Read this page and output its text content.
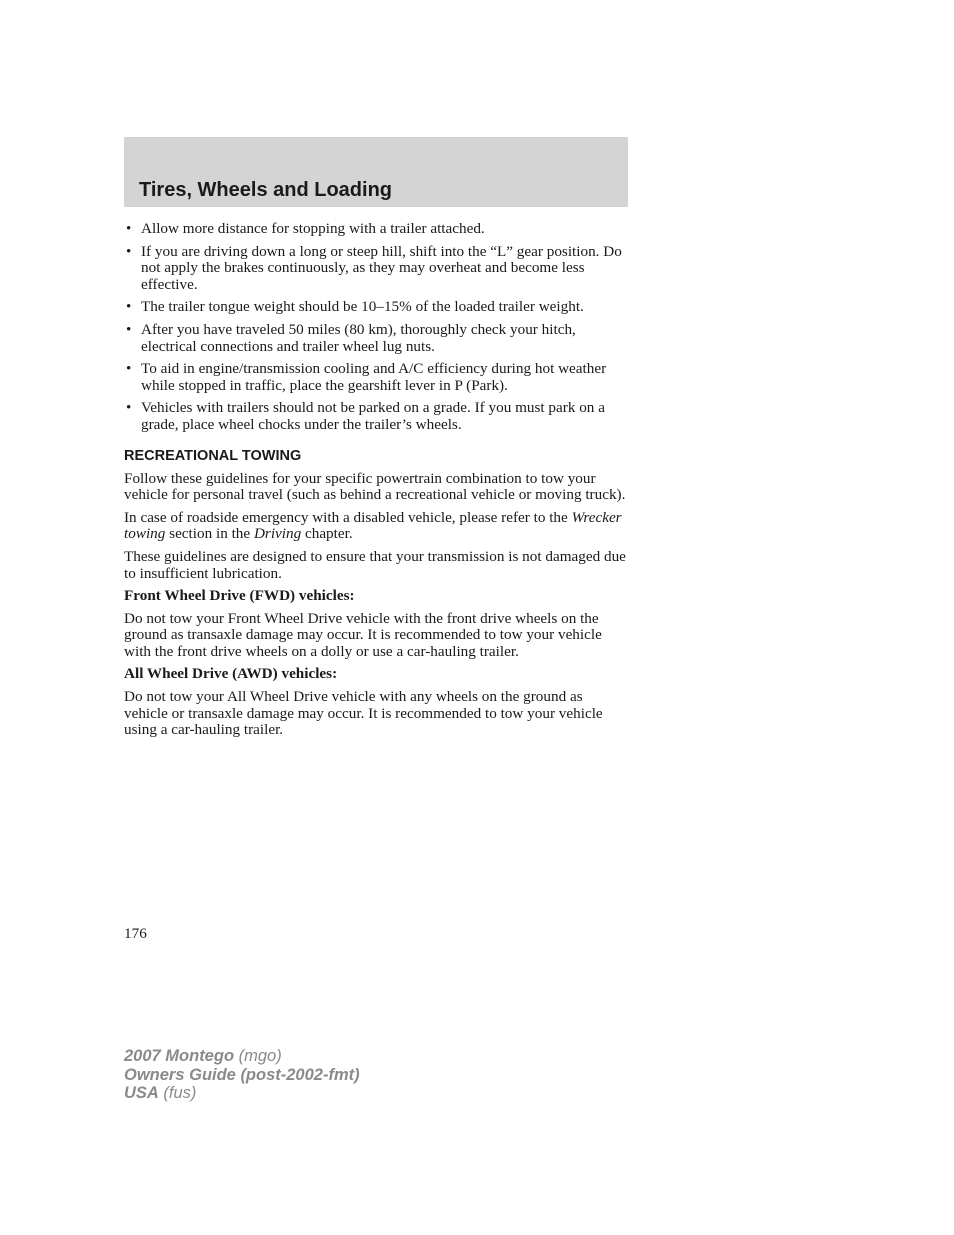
Tires, Wheels and Loading
• Allow more distance for stopping with a trailer attached.
• If you are driving down a long or steep hill, shift into the “L” gear position. Do not apply the brakes continuously, as they may overheat and become less effective.
• The trailer tongue weight should be 10–15% of the loaded trailer weight.
• After you have traveled 50 miles (80 km), thoroughly check your hitch, electrical connections and trailer wheel lug nuts.
• To aid in engine/transmission cooling and A/C efficiency during hot weather while stopped in traffic, place the gearshift lever in P (Park).
• Vehicles with trailers should not be parked on a grade. If you must park on a grade, place wheel chocks under the trailer’s wheels.
RECREATIONAL TOWING

Follow these guidelines for your specific powertrain combination to tow your vehicle for personal travel (such as behind a recreational vehicle or moving truck).

In case of roadside emergency with a disabled vehicle, please refer to the Wrecker towing section in the Driving chapter.

These guidelines are designed to ensure that your transmission is not damaged due to insufficient lubrication.

Front Wheel Drive (FWD) vehicles:

Do not tow your Front Wheel Drive vehicle with the front drive wheels on the ground as transaxle damage may occur. It is recommended to tow your vehicle with the front drive wheels on a dolly or use a car-hauling trailer.

All Wheel Drive (AWD) vehicles:

Do not tow your All Wheel Drive vehicle with any wheels on the ground as vehicle or transaxle damage may occur. It is recommended to tow your vehicle using a car-hauling trailer.

176
2007 Montego (mgo)
Owners Guide (post-2002-fmt)
USA (fus)
